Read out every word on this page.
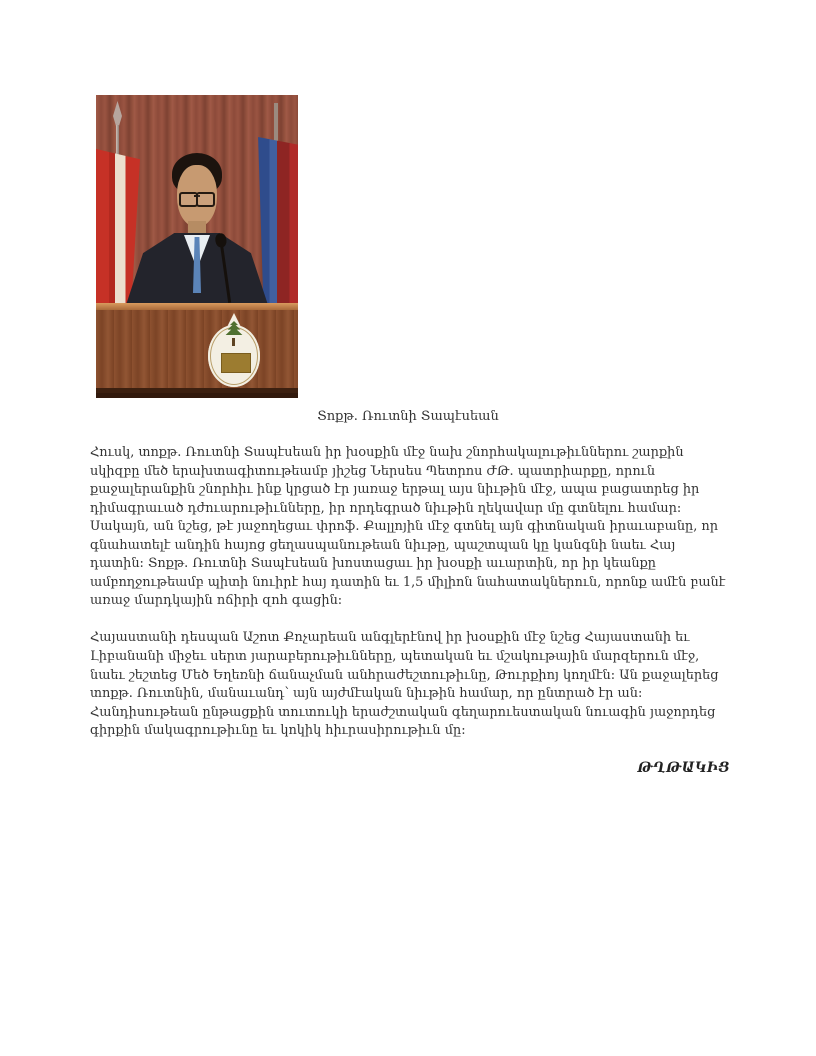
Տոքթ. Ռուտնի Տապէսեան

Հուսկ, տոքթ. Ռուտնի Տապէսեան իր խօսքին մէջ նախ շնորհակալութիւններու շարքին սկիզբը մեծ երախտագիտութեամբ յիշեց Ներսես Պետրոս ԺԹ. պատրիարքը, որուն քաջալերանքին շնորհիւ ինք կրցած էր յառաջ երթալ այս նիւթին մէջ, ապա բացատրեց իր դիմագրաւած դժուարութիւնները, իր որդեգրած նիւթին ղեկավար մը գտնելու համար: Սակայն, ան նշեց, թէ յաջողեցաւ փրոֆ. Քալլոյին մէջ գտնել այն գիտնական իրաւաբանը, որ գնահատելէ անդին հայոց ցեղասպանութեան նիւթը, պաշտպան կը կանգնի նաեւ Հայ դատին: Տոքթ. Ռուտնի Տապէսեան խոստացաւ իր խօսքի աւարտին, որ իր կեանքը ամբողջութեամբ պիտի նուիրէ հայ դատին եւ 1,5 միլիոն նահատակներուն, որոնք ամէն բանէ առաջ մարդկային ոճիրի զոհ գացին:

Հայաստանի դեսպան Աշոտ Քոչարեան անգլերէնով իր խօսքին մէջ նշեց Հայաստանի եւ Լիբանանի միջեւ սերտ յարաբերութիւնները, պետական եւ մշակութային մարզերուն մէջ, նաեւ շեշտեց Մեծ Եղեռնի ճանաչման անհրաժեշտութիւնը, Թուրքիոյ կողմէն: Ան քաջալերեց տոքթ. Ռուտնին, մանաւանդ՝ այն այժմէական նիւթին համար, որ ընտրած էր ան: Հանդիսութեան ընթացքին տուտուկի երաժշտական գեղարուեստական նուագին յաջորդեց գիրքին մակագրութիւնը եւ կոկիկ հիւրասիրութիւն մը:

ԹՂԹԱԿԻՑ
